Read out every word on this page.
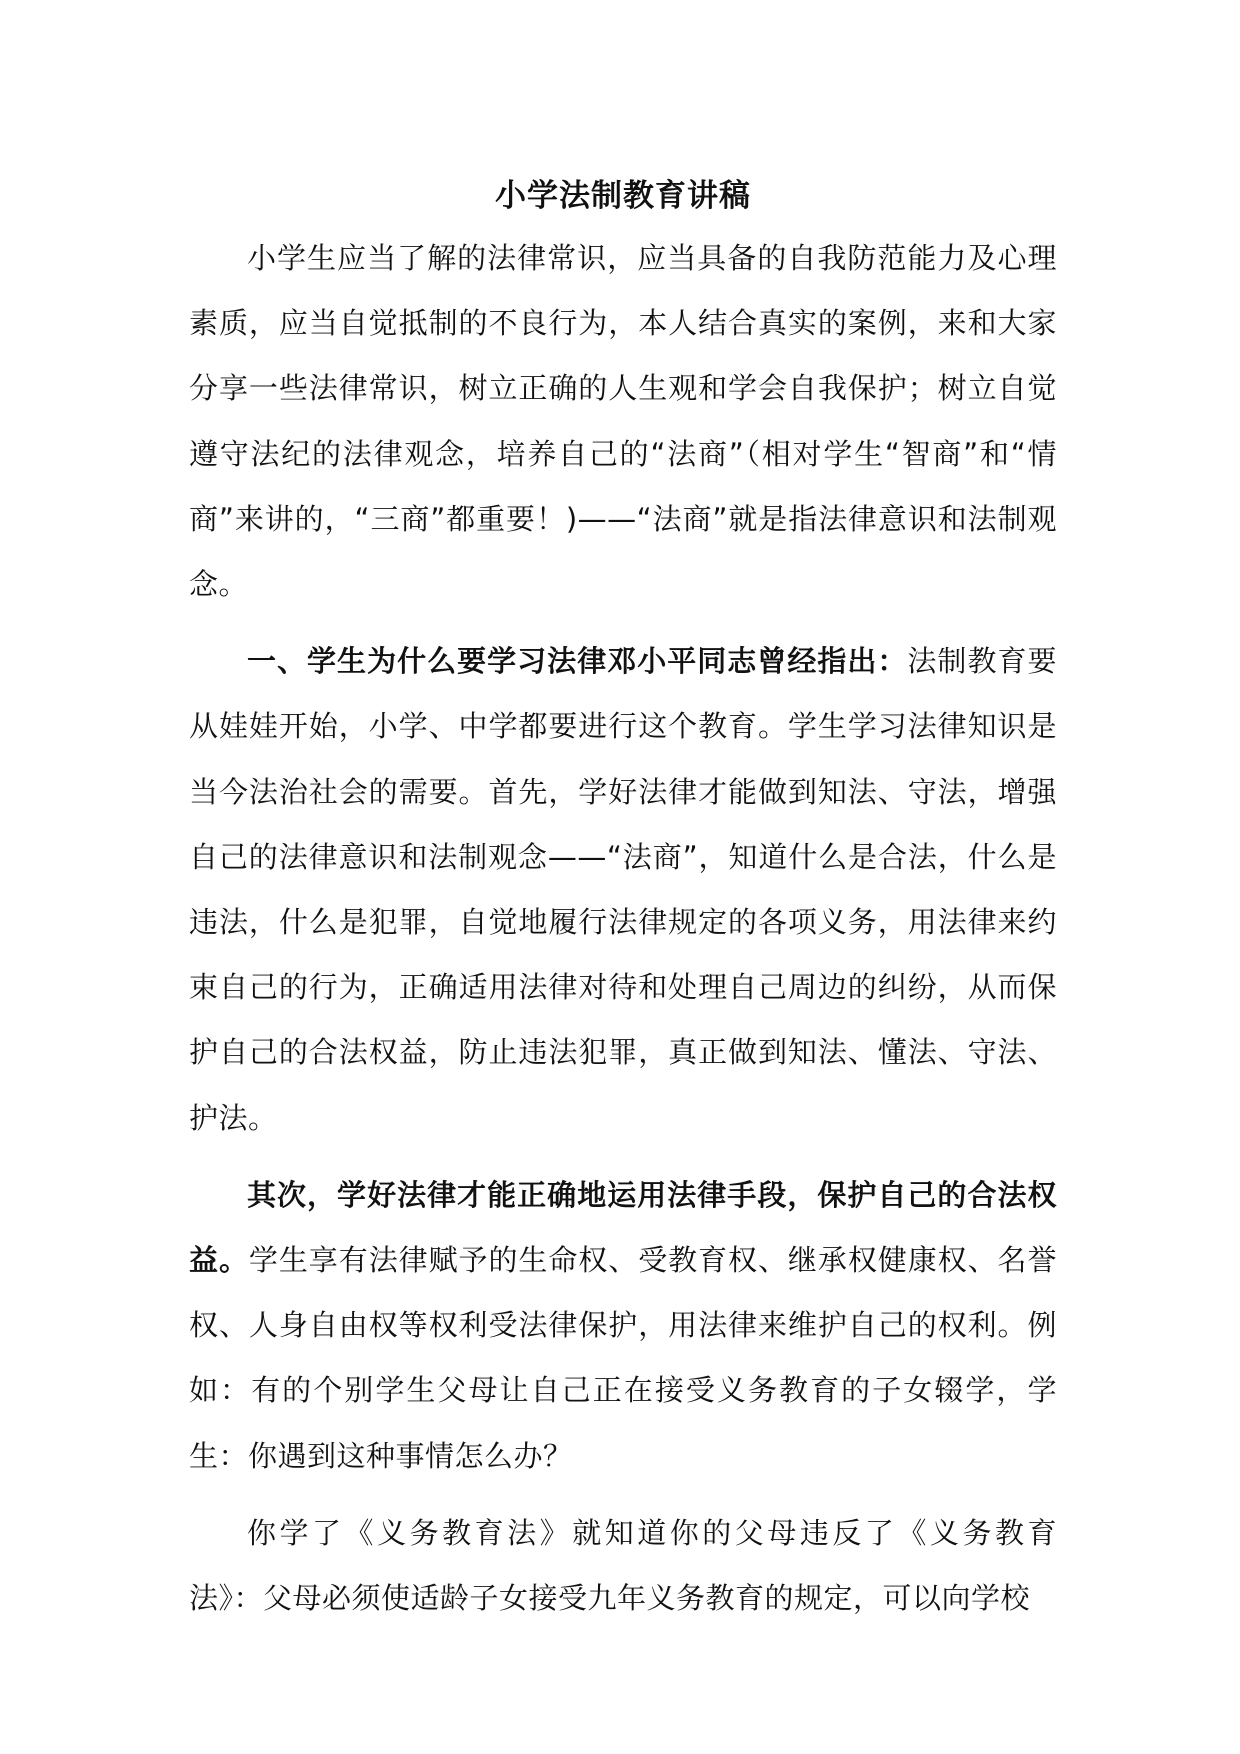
小学法制教育讲稿

小学生应当了解的法律常识，应当具备的自我防范能力及心理素质，应当自觉抵制的不良行为，本人结合真实的案例，来和大家分享一些法律常识，树立正确的人生观和学会自我保护；树立自觉遵守法纪的法律观念，培养自己的“法商”（相对学生“智商”和“情商”来讲的，“三商”都重要！)——“法商”就是指法律意识和法制观念。

一、学生为什么要学习法律邓小平同志曾经指出：法制教育要从娃娃开始，小学、中学都要进行这个教育。学生学习法律知识是当今法治社会的需要。首先，学好法律才能做到知法、守法，增强自己的法律意识和法制观念——“法商”，知道什么是合法，什么是违法，什么是犯罪，自觉地履行法律规定的各项义务，用法律来约束自己的行为，正确适用法律对待和处理自己周边的纠纷，从而保护自己的合法权益，防止违法犯罪，真正做到知法、懂法、守法、护法。

其次，学好法律才能正确地运用法律手段，保护自己的合法权益。学生享有法律赋予的生命权、受教育权、继承权健康权、名誉权、人身自由权等权利受法律保护，用法律来维护自己的权利。例如：有的个别学生父母让自己正在接受义务教育的子女辍学，学生：你遇到这种事情怎么办？

你学了《义务教育法》就知道你的父母违反了《义务教育法》：父母必须使适龄子女接受九年义务教育的规定，可以向学校
